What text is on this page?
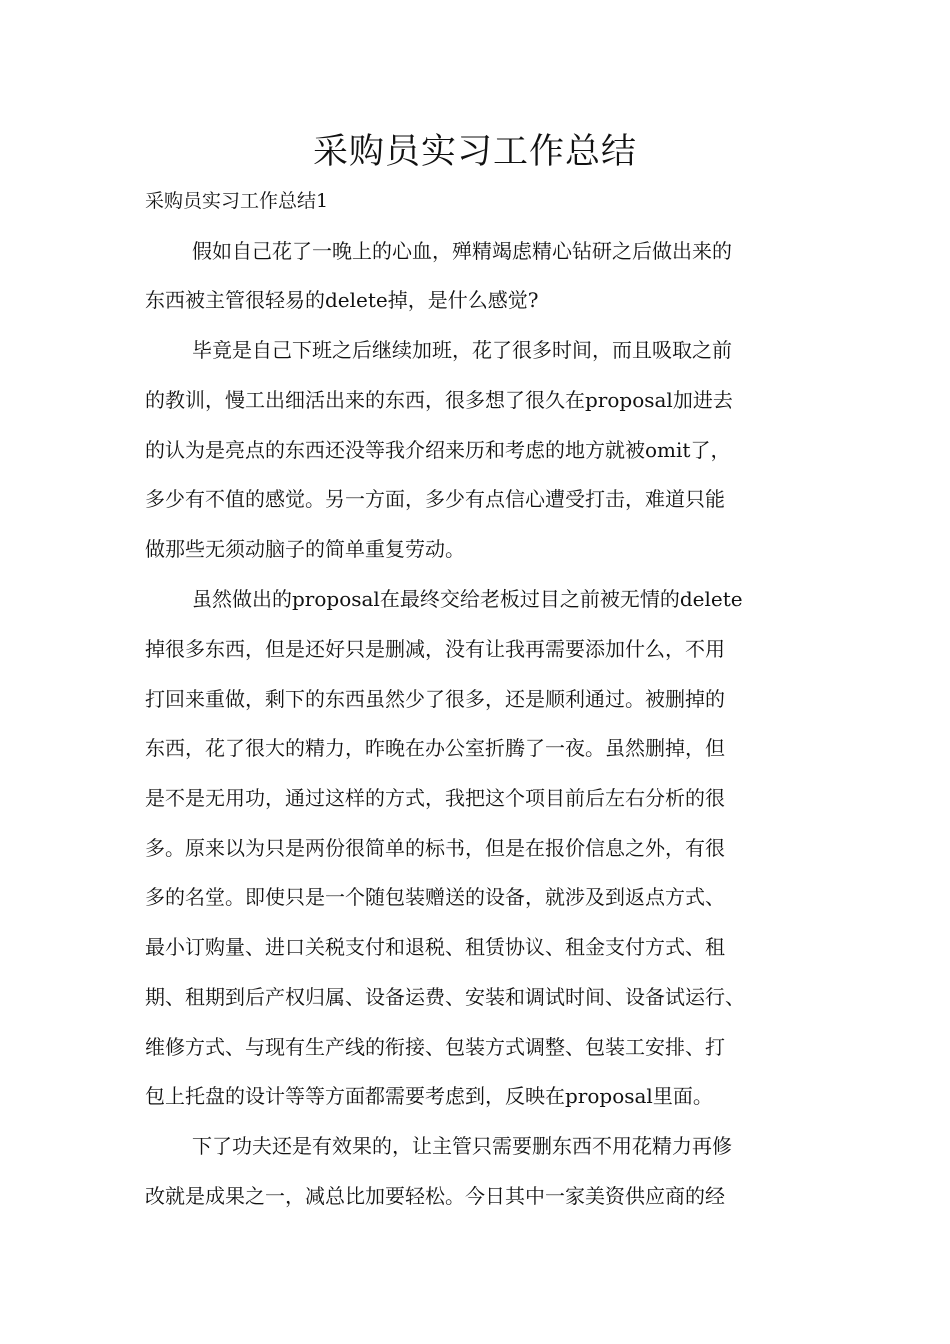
采购员实习工作总结

采购员实习工作总结1

假如自己花了一晚上的心血，殚精竭虑精心钻研之后做出来的

东西被主管很轻易的delete掉，是什么感觉?

毕竟是自己下班之后继续加班，花了很多时间，而且吸取之前

的教训，慢工出细活出来的东西，很多想了很久在proposal加进去

的认为是亮点的东西还没等我介绍来历和考虑的地方就被omit了，

多少有不值的感觉。另一方面，多少有点信心遭受打击，难道只能

做那些无须动脑子的简单重复劳动。

虽然做出的proposal在最终交给老板过目之前被无情的delete

掉很多东西，但是还好只是删减，没有让我再需要添加什么，不用

打回来重做，剩下的东西虽然少了很多，还是顺利通过。被删掉的

东西，花了很大的精力，昨晚在办公室折腾了一夜。虽然删掉，但

是不是无用功，通过这样的方式，我把这个项目前后左右分析的很

多。原来以为只是两份很简单的标书，但是在报价信息之外，有很

多的名堂。即使只是一个随包装赠送的设备，就涉及到返点方式、

最小订购量、进口关税支付和退税、租赁协议、租金支付方式、租

期、租期到后产权归属、设备运费、安装和调试时间、设备试运行、

维修方式、与现有生产线的衔接、包装方式调整、包装工安排、打

包上托盘的设计等等方面都需要考虑到，反映在proposal里面。

下了功夫还是有效果的，让主管只需要删东西不用花精力再修

改就是成果之一，减总比加要轻松。今日其中一家美资供应商的经
